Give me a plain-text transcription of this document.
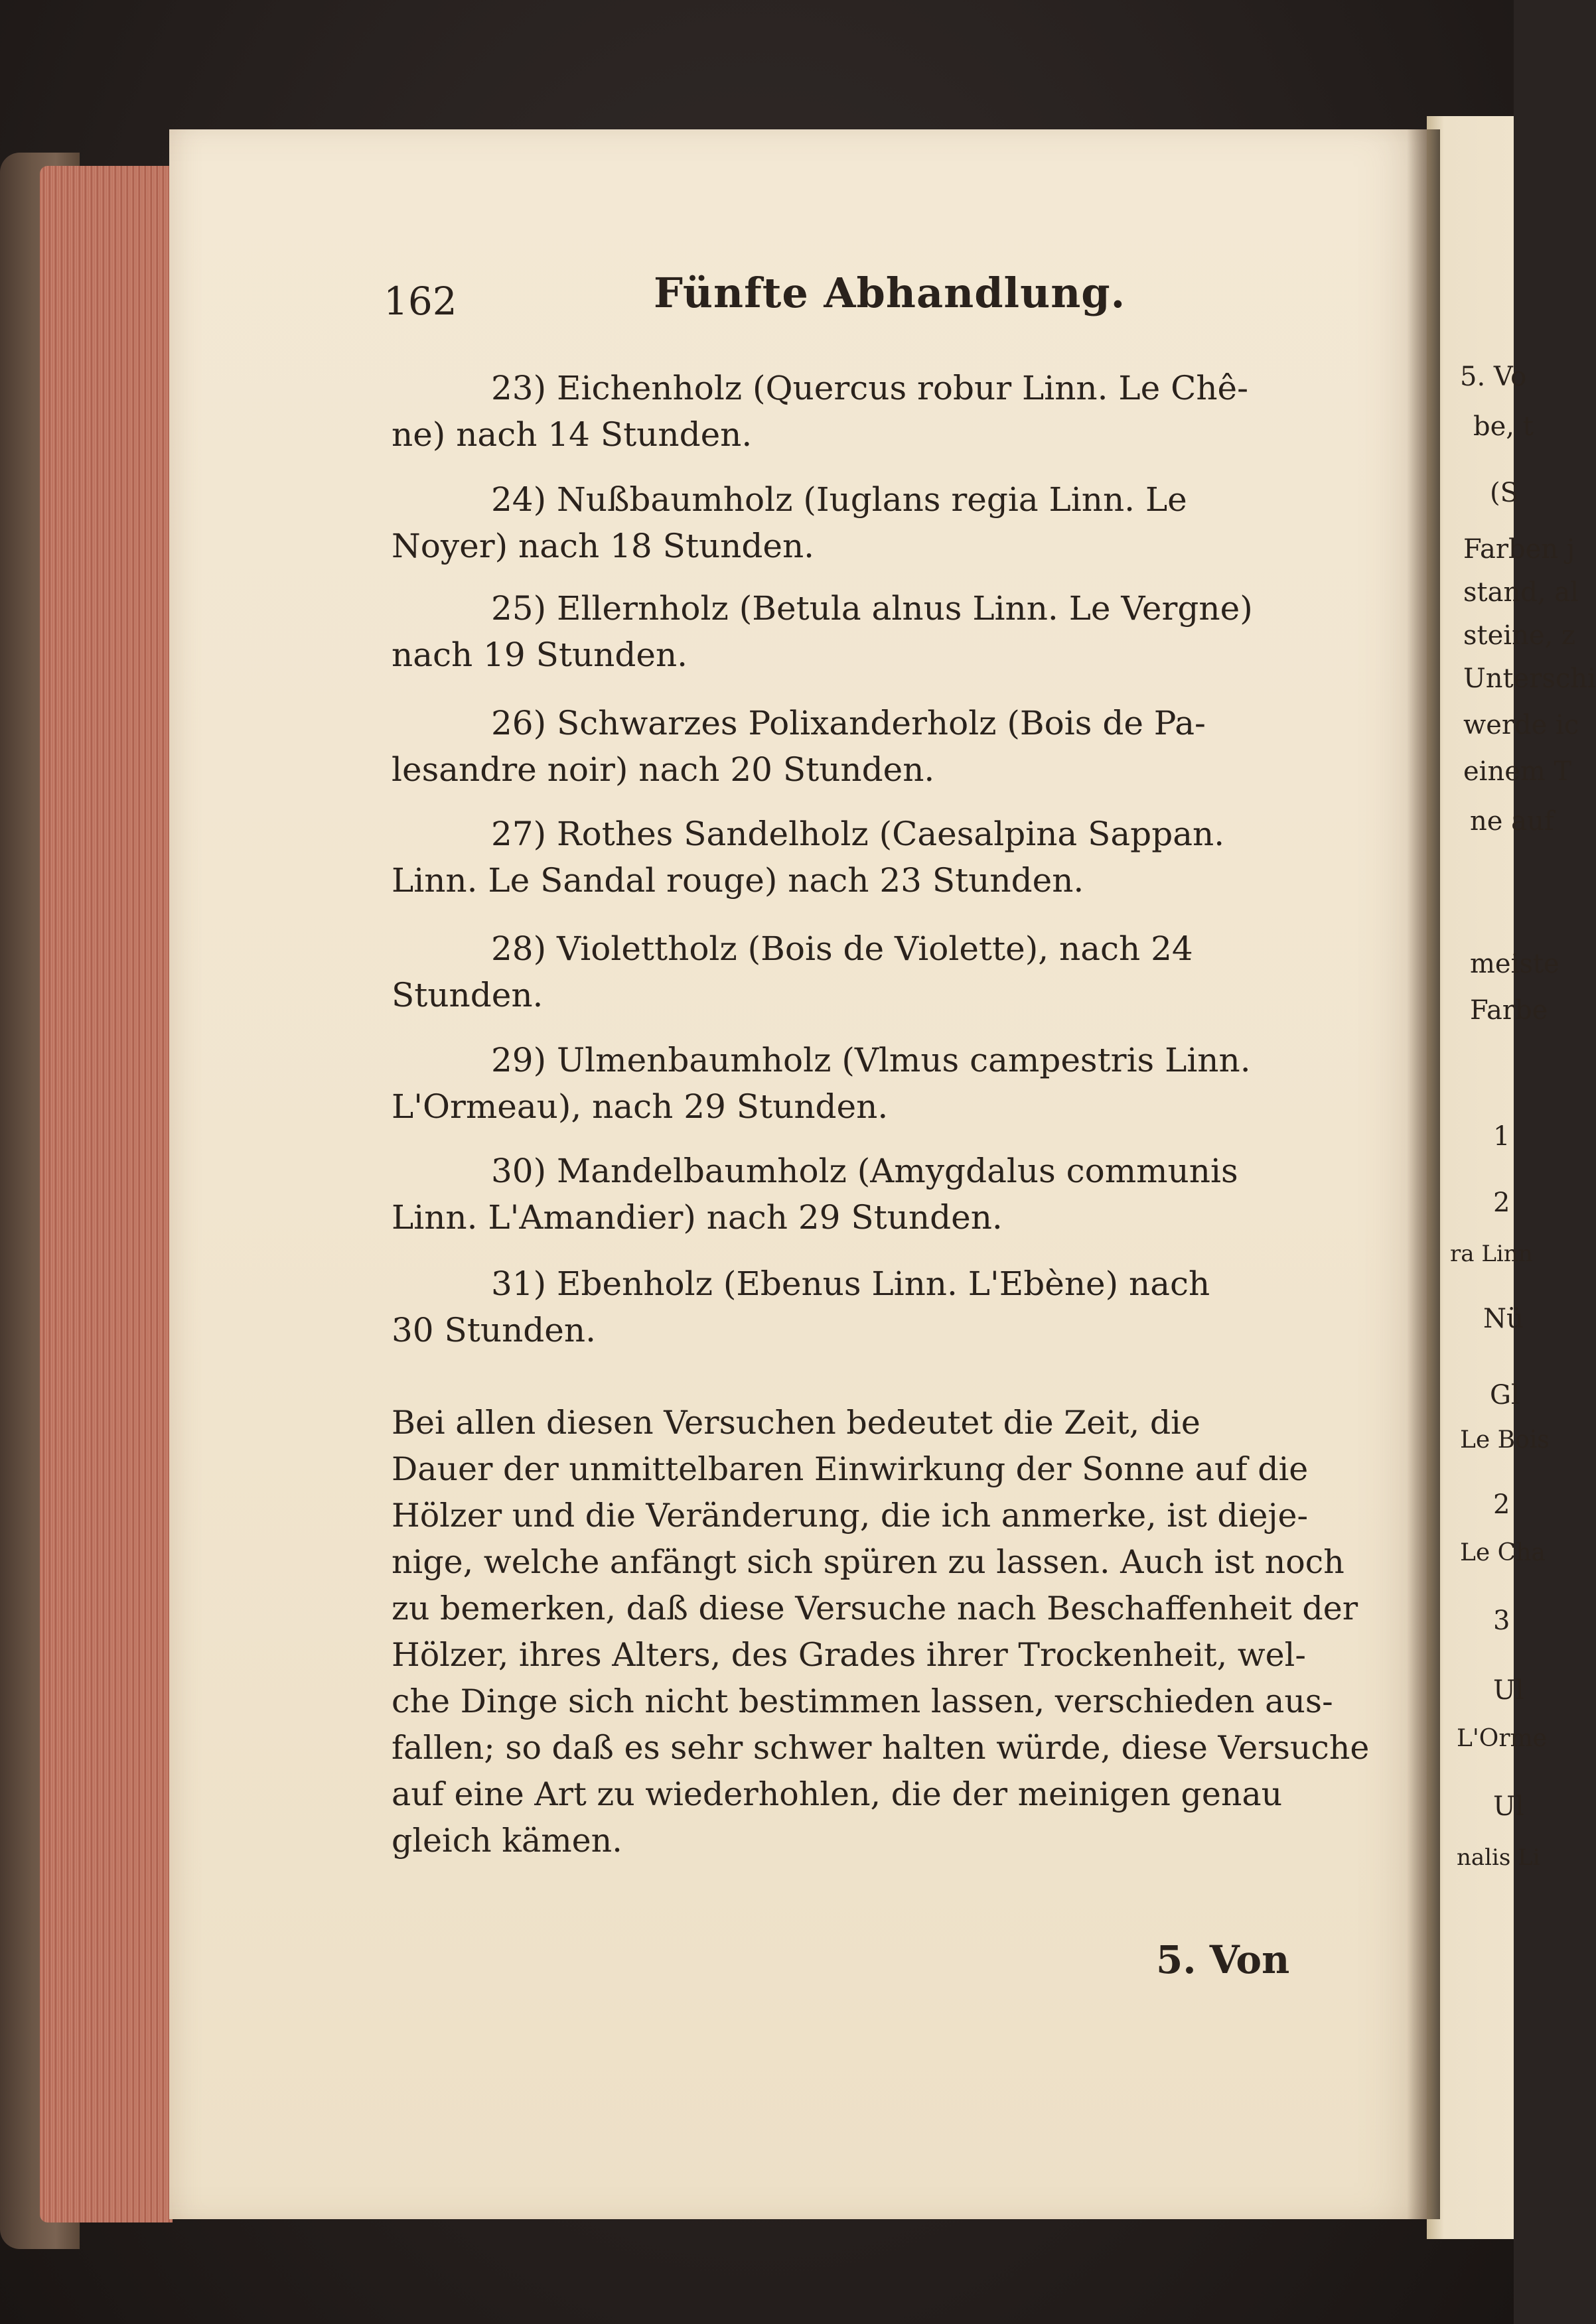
162	Fünfte Abhandlung.
23) Eichenholz (Quercus robur Linn. Le Chê-
ne) nach 14 Stunden.
24) Nußbaumholz (Iuglans regia Linn. Le
Noyer) nach 18 Stunden.
25) Ellernholz (Betula alnus Linn. Le Vergne)
nach 19 Stunden.
26) Schwarzes Polixanderholz (Bois de Pa-
lesandre noir) nach 20 Stunden.
27) Rothes Sandelholz (Caesalpina Sappan.
Linn. Le Sandal rouge) nach 23 Stunden.
28) Violettholz (Bois de Violette), nach 24
Stunden.
29) Ulmenbaumholz (Vlmus campestris Linn.
L'Ormeau), nach 29 Stunden.
30) Mandelbaumholz (Amygdalus communis
Linn. L'Amandier) nach 29 Stunden.
31) Ebenholz (Ebenus Linn. L'Ebène) nach
30 Stunden.
Bei allen diesen Versuchen bedeutet die Zeit, die
Dauer der unmittelbaren Einwirkung der Sonne auf die
Hölzer und die Veränderung, die ich anmerke, ist dieje-
nige, welche anfängt sich spüren zu lassen. Auch ist noch
zu bemerken, daß diese Versuche nach Beschaffenheit der
Hölzer, ihres Alters, des Grades ihrer Trockenheit, wel-
che Dinge sich nicht bestimmen lassen, verschieden aus-
fallen; so daß es sehr schwer halten würde, diese Versuche
auf eine Art zu wiederhohlen, die der meinigen genau
gleich kämen.
5. Von
5. Vo
be, t
(S
Farben j
stand, al
steine, z
Unterschi
werde ic
einem T
ne auf
meiste
Farbe
1
2
ra Linn
Nü
Gl
Le Bois
2
Le Cha
3
Ul
L'Orme
Ul
nalis Li
